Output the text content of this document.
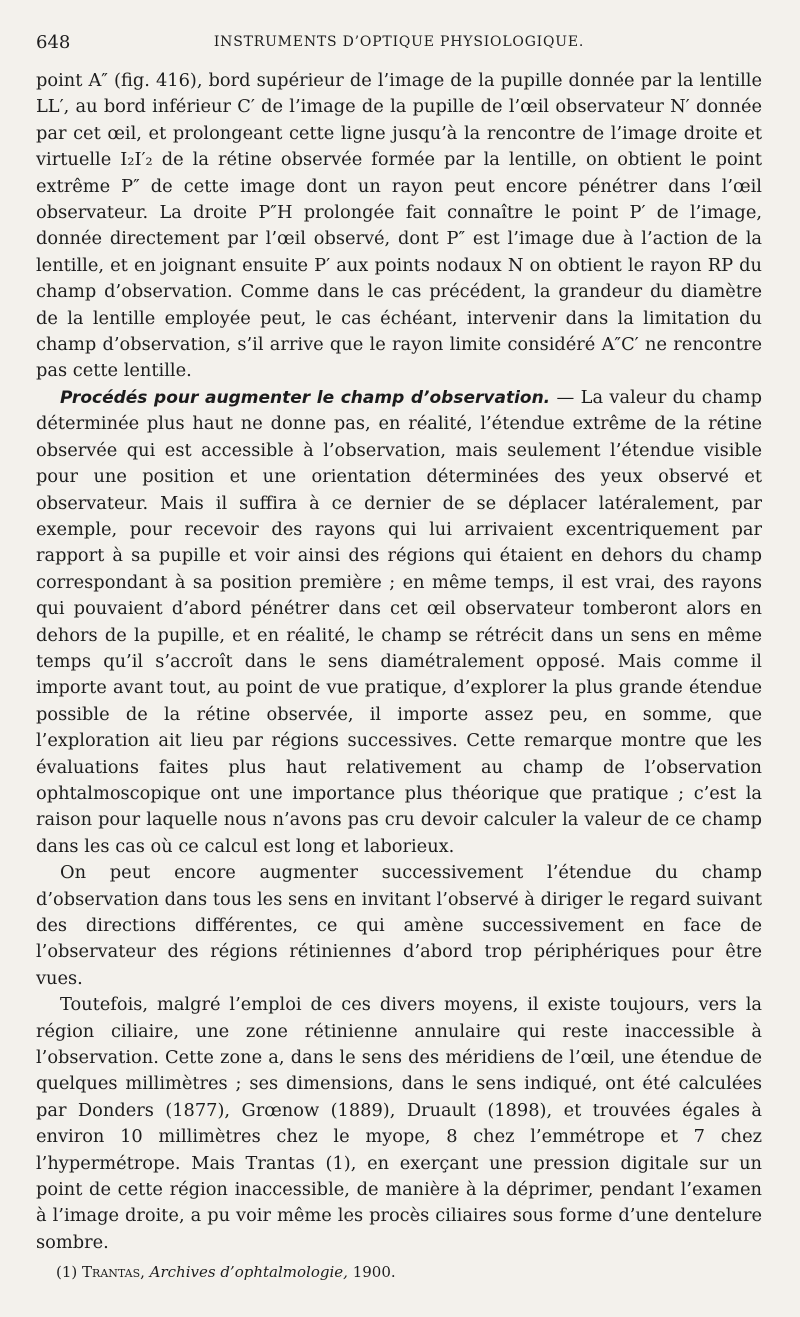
648	INSTRUMENTS D’OPTIQUE PHYSIOLOGIQUE.

point A″ (fig. 416), bord supérieur de l’image de la pupille donnée par la lentille LL′, au bord inférieur C′ de l’image de la pupille de l’œil observateur N′ donnée par cet œil, et prolongeant cette ligne jusqu’à la rencontre de l’image droite et virtuelle I₂I′₂ de la rétine observée formée par la lentille, on obtient le point extrême P″ de cette image dont un rayon peut encore pénétrer dans l’œil observateur. La droite P″H prolongée fait connaître le point P′ de l’image, donnée directement par l’œil observé, dont P″ est l’image due à l’action de la lentille, et en joignant ensuite P′ aux points nodaux N on obtient le rayon RP du champ d’observation. Comme dans le cas précédent, la grandeur du diamètre de la lentille employée peut, le cas échéant, intervenir dans la limitation du champ d’observation, s’il arrive que le rayon limite considéré A″C′ ne rencontre pas cette lentille.

Procédés pour augmenter le champ d’observation. — La valeur du champ déterminée plus haut ne donne pas, en réalité, l’étendue extrême de la rétine observée qui est accessible à l’observation, mais seulement l’étendue visible pour une position et une orientation déterminées des yeux observé et observateur. Mais il suffira à ce dernier de se déplacer latéralement, par exemple, pour recevoir des rayons qui lui arrivaient excentriquement par rapport à sa pupille et voir ainsi des régions qui étaient en dehors du champ correspondant à sa position première ; en même temps, il est vrai, des rayons qui pouvaient d’abord pénétrer dans cet œil observateur tomberont alors en dehors de la pupille, et en réalité, le champ se rétrécit dans un sens en même temps qu’il s’accroît dans le sens diamétralement opposé. Mais comme il importe avant tout, au point de vue pratique, d’explorer la plus grande étendue possible de la rétine observée, il importe assez peu, en somme, que l’exploration ait lieu par régions successives. Cette remarque montre que les évaluations faites plus haut relativement au champ de l’observation ophtalmoscopique ont une importance plus théorique que pratique ; c’est la raison pour laquelle nous n’avons pas cru devoir calculer la valeur de ce champ dans les cas où ce calcul est long et laborieux.

On peut encore augmenter successivement l’étendue du champ d’observation dans tous les sens en invitant l’observé à diriger le regard suivant des directions différentes, ce qui amène successivement en face de l’observateur des régions rétiniennes d’abord trop périphériques pour être vues.

Toutefois, malgré l’emploi de ces divers moyens, il existe toujours, vers la région ciliaire, une zone rétinienne annulaire qui reste inaccessible à l’observation. Cette zone a, dans le sens des méridiens de l’œil, une étendue de quelques millimètres ; ses dimensions, dans le sens indiqué, ont été calculées par Donders (1877), Grœnow (1889), Druault (1898), et trouvées égales à environ 10 millimètres chez le myope, 8 chez l’emmétrope et 7 chez l’hypermétrope. Mais Trantas (1), en exerçant une pression digitale sur un point de cette région inaccessible, de manière à la déprimer, pendant l’examen à l’image droite, a pu voir même les procès ciliaires sous forme d’une dentelure sombre.

(1) Trantas, Archives d’ophtalmologie, 1900.
